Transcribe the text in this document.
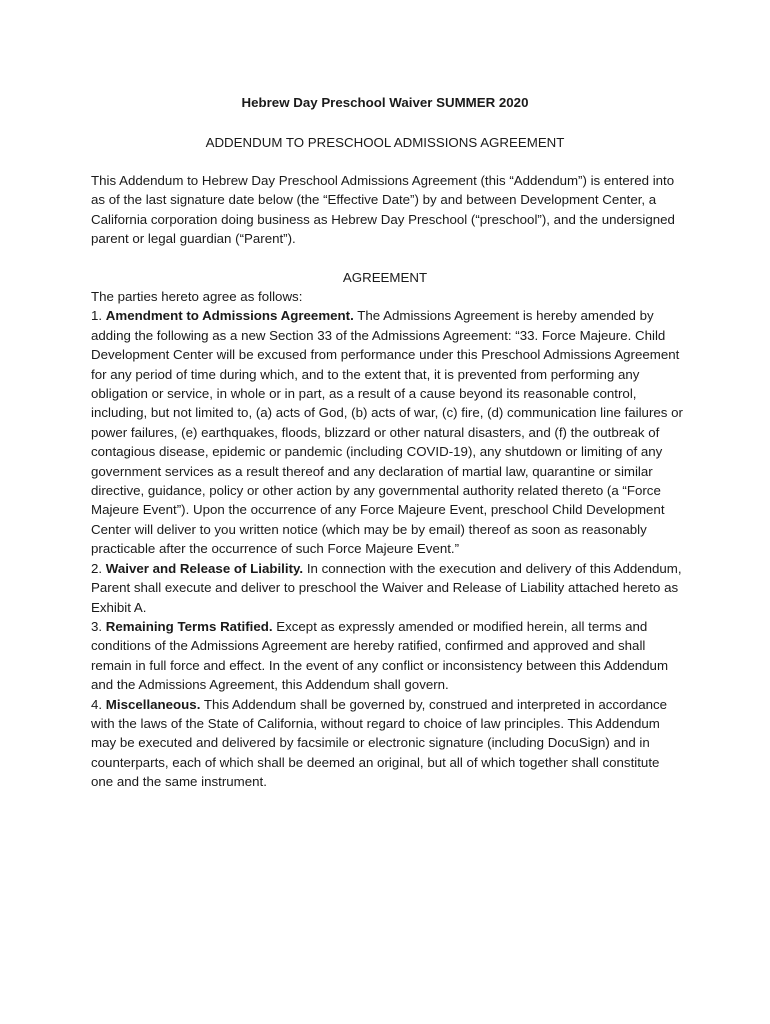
Hebrew Day Preschool Waiver SUMMER 2020
ADDENDUM TO PRESCHOOL ADMISSIONS AGREEMENT

This Addendum to Hebrew Day Preschool Admissions Agreement (this “Addendum”) is entered into as of the last signature date below (the “Effective Date”) by and between Development Center, a California corporation doing business as Hebrew Day Preschool (“preschool”), and the undersigned parent or legal guardian (“Parent”).

AGREEMENT

The parties hereto agree as follows:

1. Amendment to Admissions Agreement. The Admissions Agreement is hereby amended by adding the following as a new Section 33 of the Admissions Agreement: “33. Force Majeure. Child Development Center will be excused from performance under this Preschool Admissions Agreement for any period of time during which, and to the extent that, it is prevented from performing any obligation or service, in whole or in part, as a result of a cause beyond its reasonable control, including, but not limited to, (a) acts of God, (b) acts of war, (c) fire, (d) communication line failures or power failures, (e) earthquakes, floods, blizzard or other natural disasters, and (f) the outbreak of contagious disease, epidemic or pandemic (including COVID-19), any shutdown or limiting of any government services as a result thereof and any declaration of martial law, quarantine or similar directive, guidance, policy or other action by any governmental authority related thereto (a “Force Majeure Event”). Upon the occurrence of any Force Majeure Event, preschool Child Development Center will deliver to you written notice (which may be by email) thereof as soon as reasonably practicable after the occurrence of such Force Majeure Event.”

2. Waiver and Release of Liability. In connection with the execution and delivery of this Addendum, Parent shall execute and deliver to preschool the Waiver and Release of Liability attached hereto as Exhibit A.

3. Remaining Terms Ratified. Except as expressly amended or modified herein, all terms and conditions of the Admissions Agreement are hereby ratified, confirmed and approved and shall remain in full force and effect. In the event of any conflict or inconsistency between this Addendum and the Admissions Agreement, this Addendum shall govern.

4. Miscellaneous. This Addendum shall be governed by, construed and interpreted in accordance with the laws of the State of California, without regard to choice of law principles. This Addendum may be executed and delivered by facsimile or electronic signature (including DocuSign) and in counterparts, each of which shall be deemed an original, but all of which together shall constitute one and the same instrument.
